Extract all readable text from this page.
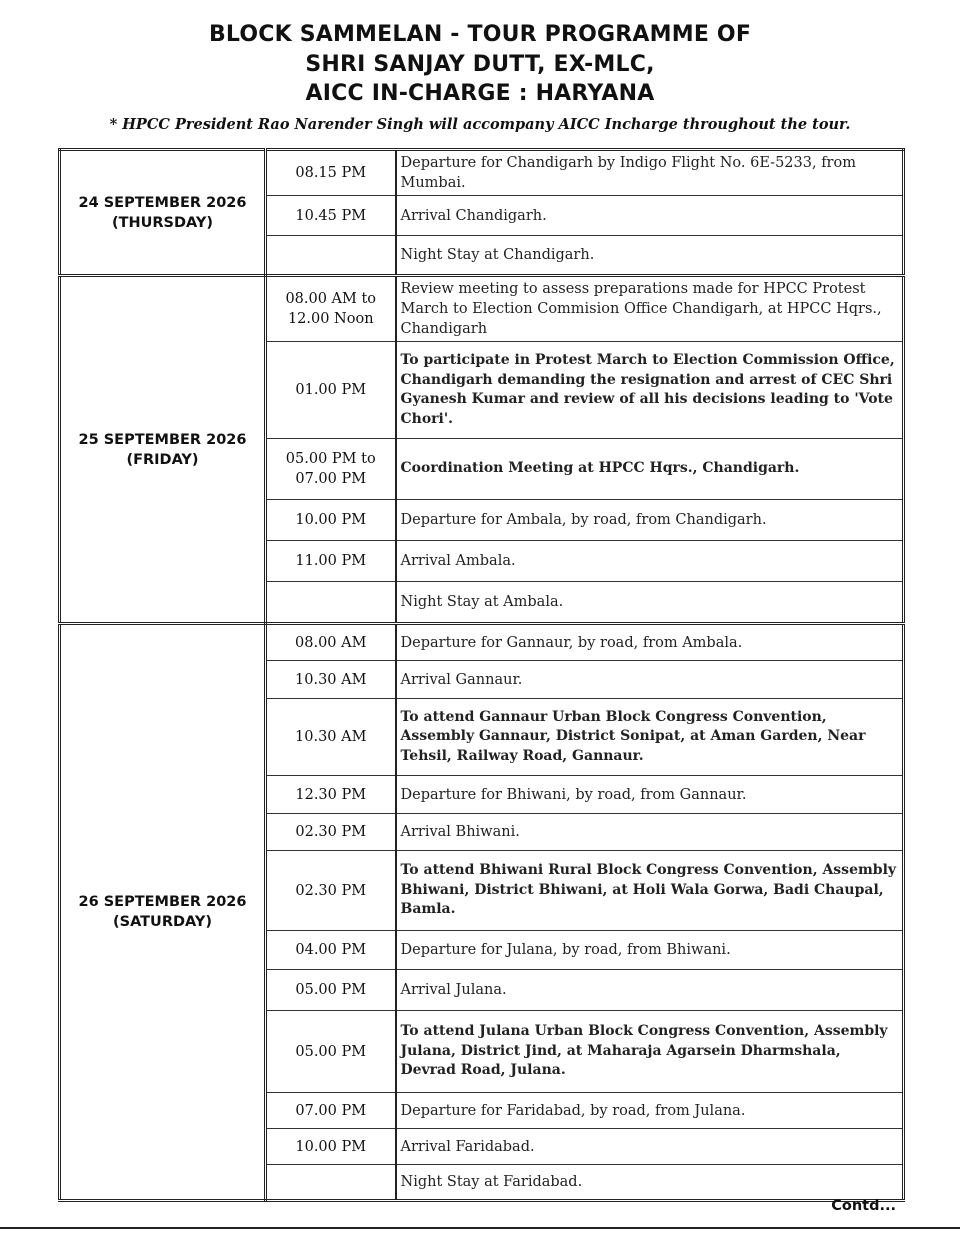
BLOCK SAMMELAN - TOUR PROGRAMME OF
SHRI SANJAY DUTT, EX-MLC,
AICC IN-CHARGE : HARYANA
* HPCC President Rao Narender Singh will accompany AICC Incharge throughout the tour.
24 SEPTEMBER 2026
(THURSDAY)	08.15 PM	Departure for Chandigarh by Indigo Flight No. 6E-5233, from Mumbai.
	10.45 PM	Arrival Chandigarh.
		Night Stay at Chandigarh.

25 SEPTEMBER 2026
(FRIDAY)	08.00 AM to 12.00 Noon	Review meeting to assess preparations made for HPCC Protest March to Election Commision Office Chandigarh, at HPCC Hqrs., Chandigarh
	01.00 PM	To participate in Protest March to Election Commission Office, Chandigarh demanding the resignation and arrest of CEC Shri Gyanesh Kumar and review of all his decisions leading to 'Vote Chori'.
	05.00 PM to 07.00 PM	Coordination Meeting at HPCC Hqrs., Chandigarh.
	10.00 PM	Departure for Ambala, by road, from Chandigarh.
	11.00 PM	Arrival Ambala.
		Night Stay at Ambala.

26 SEPTEMBER 2026
(SATURDAY)	08.00 AM	Departure for Gannaur, by road, from Ambala.
	10.30 AM	Arrival Gannaur.
	10.30 AM	To attend Gannaur Urban Block Congress Convention, Assembly Gannaur, District Sonipat, at Aman Garden, Near Tehsil, Railway Road, Gannaur.
	12.30 PM	Departure for Bhiwani, by road, from Gannaur.
	02.30 PM	Arrival Bhiwani.
	02.30 PM	To attend Bhiwani Rural Block Congress Convention, Assembly Bhiwani, District Bhiwani, at Holi Wala Gorwa, Badi Chaupal, Bamla.
	04.00 PM	Departure for Julana, by road, from Bhiwani.
	05.00 PM	Arrival Julana.
	05.00 PM	To attend Julana Urban Block Congress Convention, Assembly Julana, District Jind, at Maharaja Agarsein Dharmshala, Devrad Road, Julana.
	07.00 PM	Departure for Faridabad, by road, from Julana.
	10.00 PM	Arrival Faridabad.
		Night Stay at Faridabad.
Contd...
